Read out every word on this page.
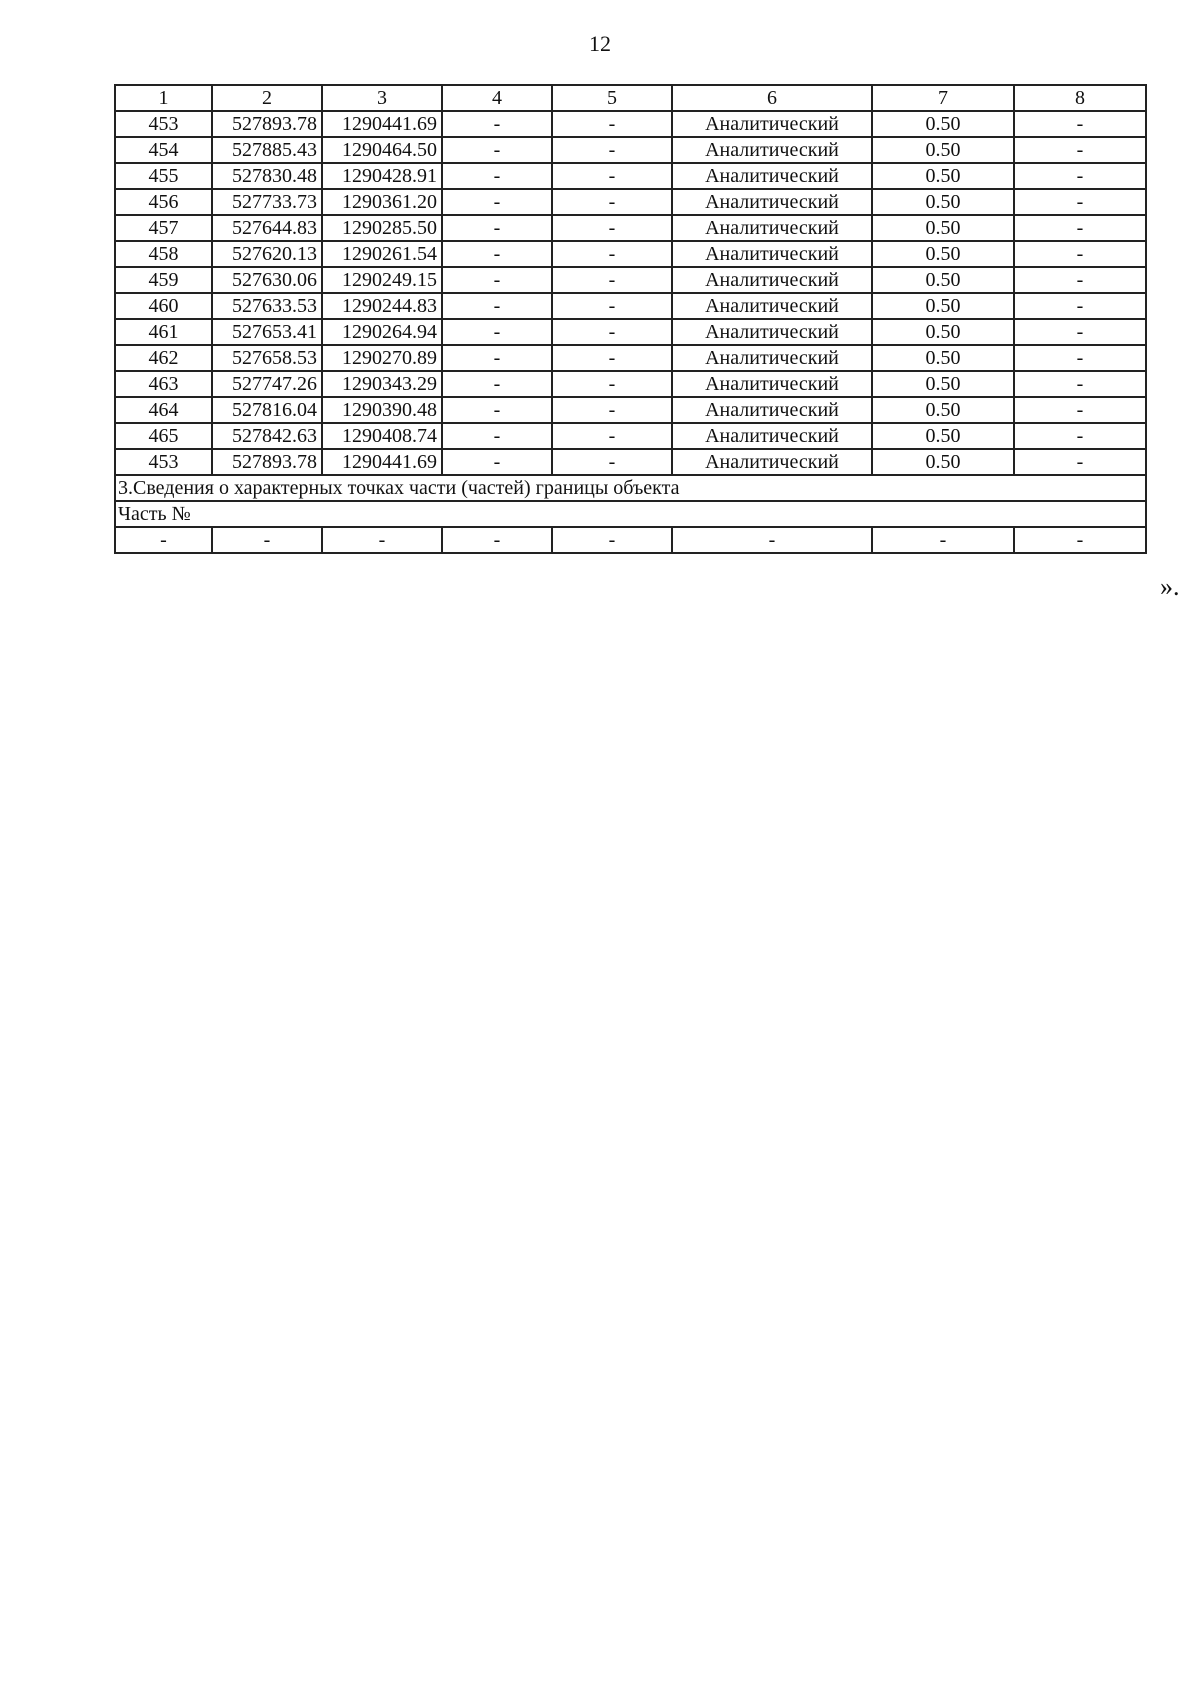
12
1	2	3	4	5	6	7	8
453	527893.78	1290441.69	-	-	Аналитический	0.50	-
454	527885.43	1290464.50	-	-	Аналитический	0.50	-
455	527830.48	1290428.91	-	-	Аналитический	0.50	-
456	527733.73	1290361.20	-	-	Аналитический	0.50	-
457	527644.83	1290285.50	-	-	Аналитический	0.50	-
458	527620.13	1290261.54	-	-	Аналитический	0.50	-
459	527630.06	1290249.15	-	-	Аналитический	0.50	-
460	527633.53	1290244.83	-	-	Аналитический	0.50	-
461	527653.41	1290264.94	-	-	Аналитический	0.50	-
462	527658.53	1290270.89	-	-	Аналитический	0.50	-
463	527747.26	1290343.29	-	-	Аналитический	0.50	-
464	527816.04	1290390.48	-	-	Аналитический	0.50	-
465	527842.63	1290408.74	-	-	Аналитический	0.50	-
453	527893.78	1290441.69	-	-	Аналитический	0.50	-
3.Сведения о характерных точках части (частей) границы объекта							
Часть №							
-	-	-	-	-	-	-	-
».
